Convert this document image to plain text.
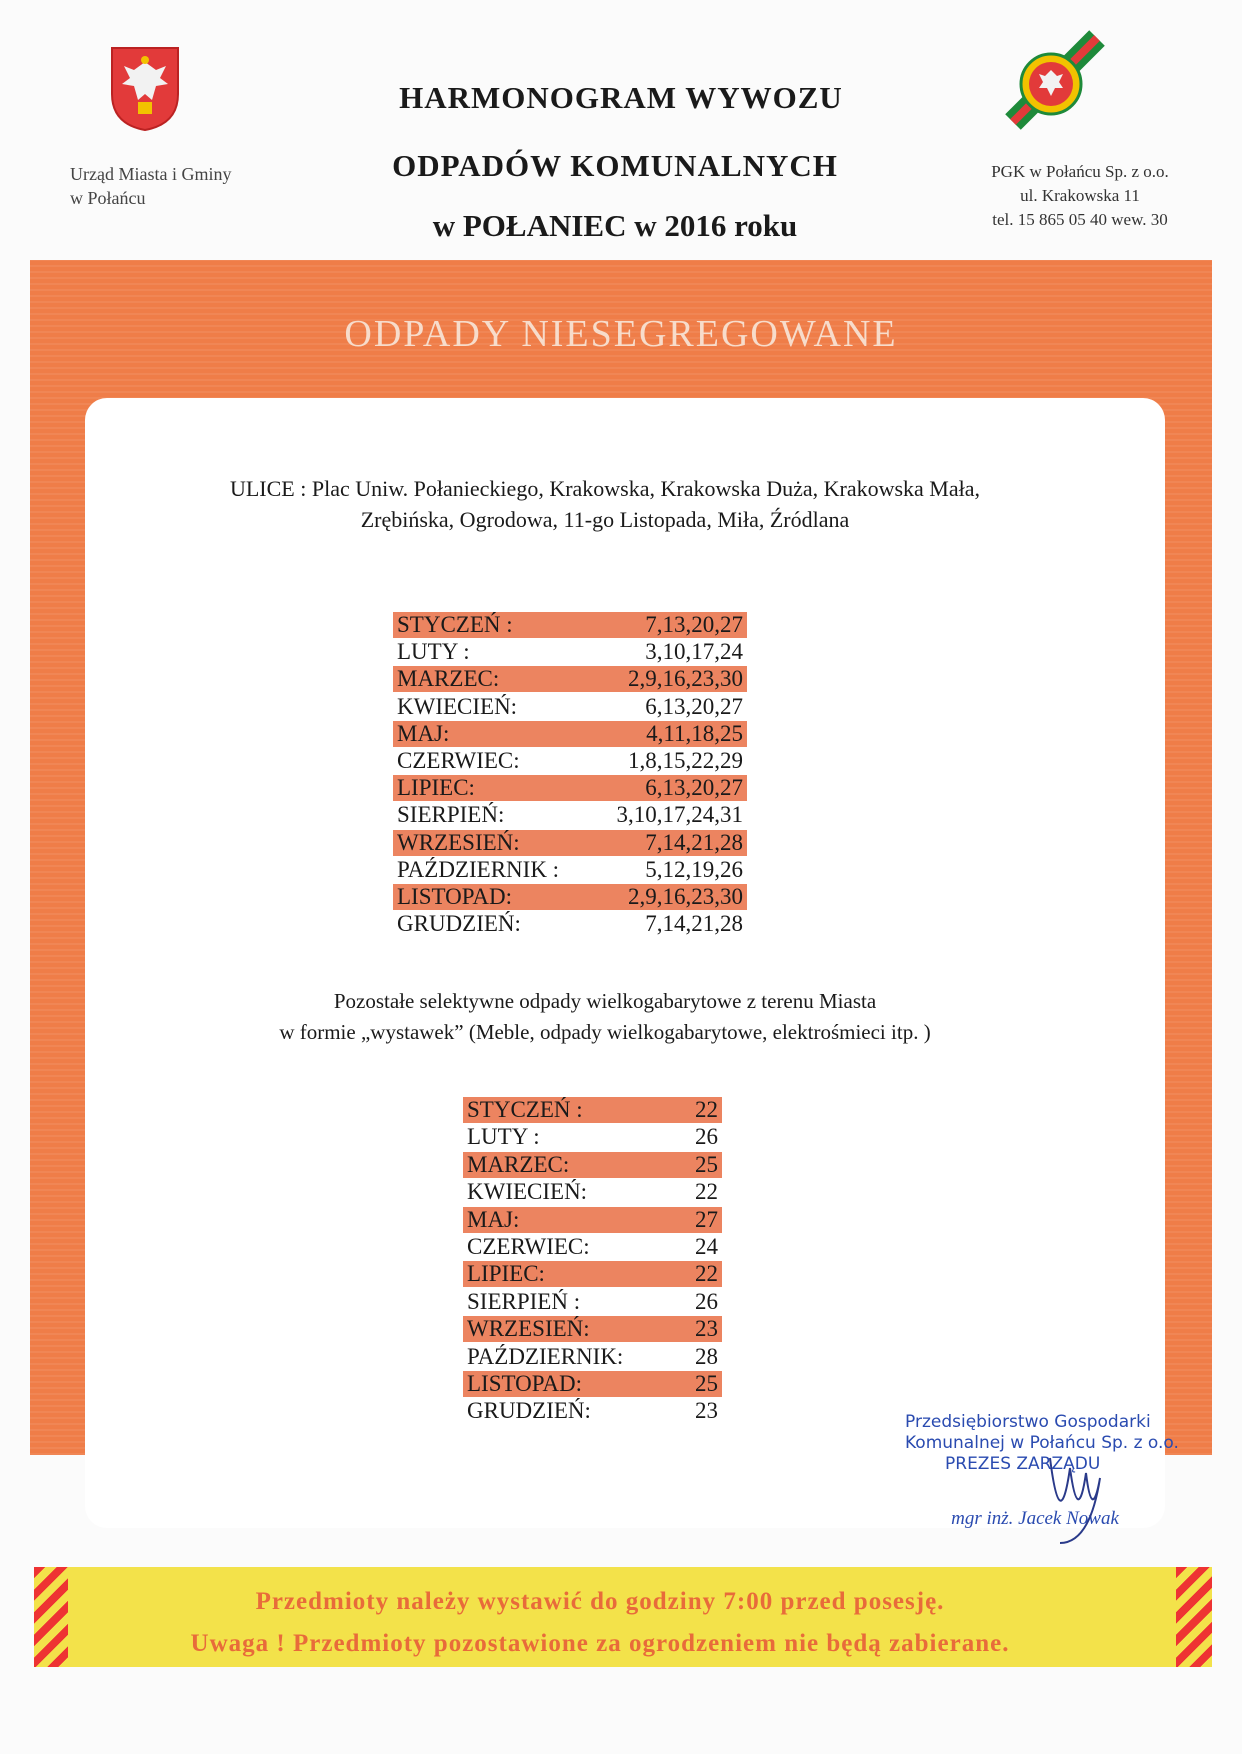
Urząd Miasta i Gminy
w Połańcu
HARMONOGRAM WYWOZU
ODPADÓW KOMUNALNYCH
w POŁANIEC w 2016 roku
PGK w Połańcu Sp. z o.o.
ul. Krakowska 11
tel. 15 865 05 40 wew. 30
ODPADY NIESEGREGOWANE
ULICE : Plac Uniw. Połanieckiego, Krakowska, Krakowska Duża, Krakowska Mała,
Zrębińska, Ogrodowa, 11-go Listopada, Miła, Źródlana
STYCZEŃ :	7,13,20,27
LUTY :	3,10,17,24
MARZEC:	2,9,16,23,30
KWIECIEŃ:	6,13,20,27
MAJ:	4,11,18,25
CZERWIEC:	1,8,15,22,29
LIPIEC:	6,13,20,27
SIERPIEŃ:	3,10,17,24,31
WRZESIEŃ:	7,14,21,28
PAŹDZIERNIK :	5,12,19,26
LISTOPAD:	2,9,16,23,30
GRUDZIEŃ:	7,14,21,28
Pozostałe selektywne odpady wielkogabarytowe z terenu Miasta
w formie „wystawek” (Meble, odpady wielkogabarytowe, elektrośmieci itp. )
STYCZEŃ :	22
LUTY :	26
MARZEC:	25
KWIECIEŃ:	22
MAJ:	27
CZERWIEC:	24
LIPIEC:	22
SIERPIEŃ :	26
WRZESIEŃ:	23
PAŹDZIERNIK:	28
LISTOPAD:	25
GRUDZIEŃ:	23	Przedsiębiorstwo Gospodarki
Komunalnej w Połańcu Sp. z o.o.
PREZES ZARZĄDU
mgr inż. Jacek Nowak
Przedmioty należy wystawić do godziny 7:00 przed posesję.
Uwaga ! Przedmioty pozostawione za ogrodzeniem nie będą zabierane.
